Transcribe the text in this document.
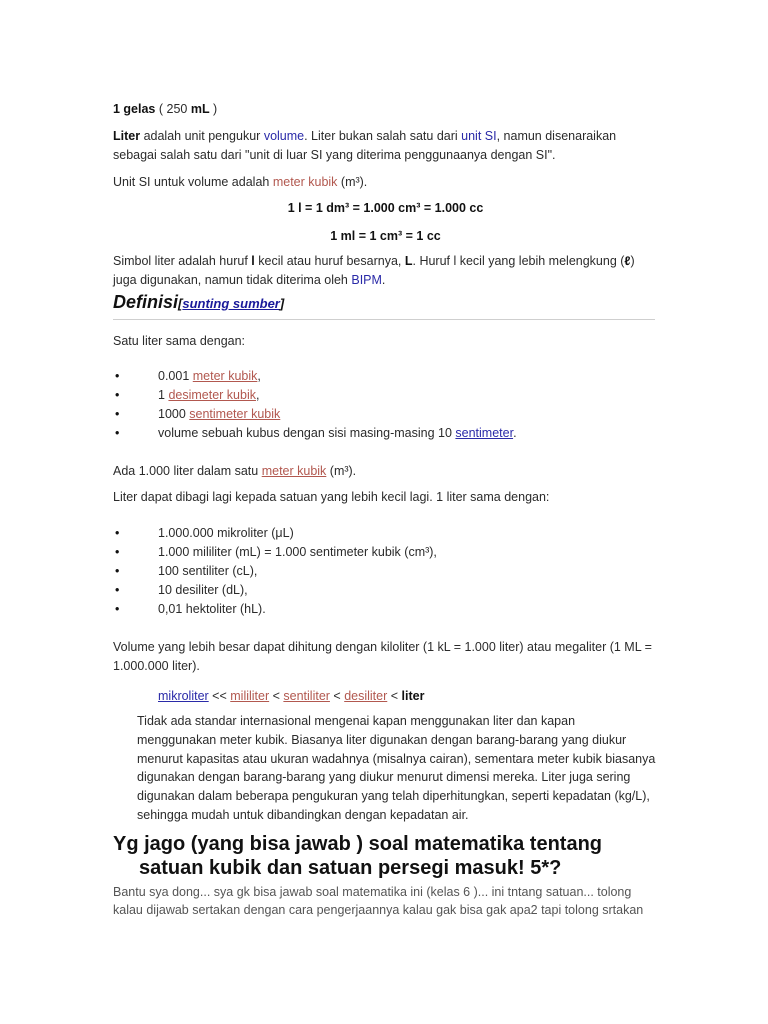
1 gelas ( 250 mL )

Liter adalah unit pengukur volume. Liter bukan salah satu dari unit SI, namun disenaraikan sebagai salah satu dari "unit di luar SI yang diterima penggunaanya dengan SI".

Unit SI untuk volume adalah meter kubik (m³).

1 l = 1 dm³ = 1.000 cm³ = 1.000 cc

1 ml = 1 cm³ = 1 cc

Simbol liter adalah huruf l kecil atau huruf besarnya, L. Huruf l kecil yang lebih melengkung (ℓ) juga digunakan, namun tidak diterima oleh BIPM.

Definisi[sunting sumber]

Satu liter sama dengan:

•	0.001 meter kubik,
•	1 desimeter kubik,
•	1000 sentimeter kubik
•	volume sebuah kubus dengan sisi masing-masing 10 sentimeter.

Ada 1.000 liter dalam satu meter kubik (m³).

Liter dapat dibagi lagi kepada satuan yang lebih kecil lagi. 1 liter sama dengan:

•	1.000.000 mikroliter (μL)
•	1.000 mililiter (mL) = 1.000 sentimeter kubik (cm³),
•	100 sentiliter (cL),
•	10 desiliter (dL),
•	0,01 hektoliter (hL).

Volume yang lebih besar dapat dihitung dengan kiloliter (1 kL = 1.000 liter) atau megaliter (1 ML = 1.000.000 liter).

mikroliter << mililiter < sentiliter < desiliter < liter

Tidak ada standar internasional mengenai kapan menggunakan liter dan kapan menggunakan meter kubik. Biasanya liter digunakan dengan barang-barang yang diukur menurut kapasitas atau ukuran wadahnya (misalnya cairan), sementara meter kubik biasanya digunakan dengan barang-barang yang diukur menurut dimensi mereka. Liter juga sering digunakan dalam beberapa pengukuran yang telah diperhitungkan, seperti kepadatan (kg/L), sehingga mudah untuk dibandingkan dengan kepadatan air.

Yg jago (yang bisa jawab ) soal matematika tentang
satuan kubik dan satuan persegi masuk! 5*?

Bantu sya dong... sya gk bisa jawab soal matematika ini (kelas 6 )... ini tntang satuan... tolong kalau dijawab sertakan dengan cara pengerjaannya kalau gak bisa gak apa2 tapi tolong srtakan
